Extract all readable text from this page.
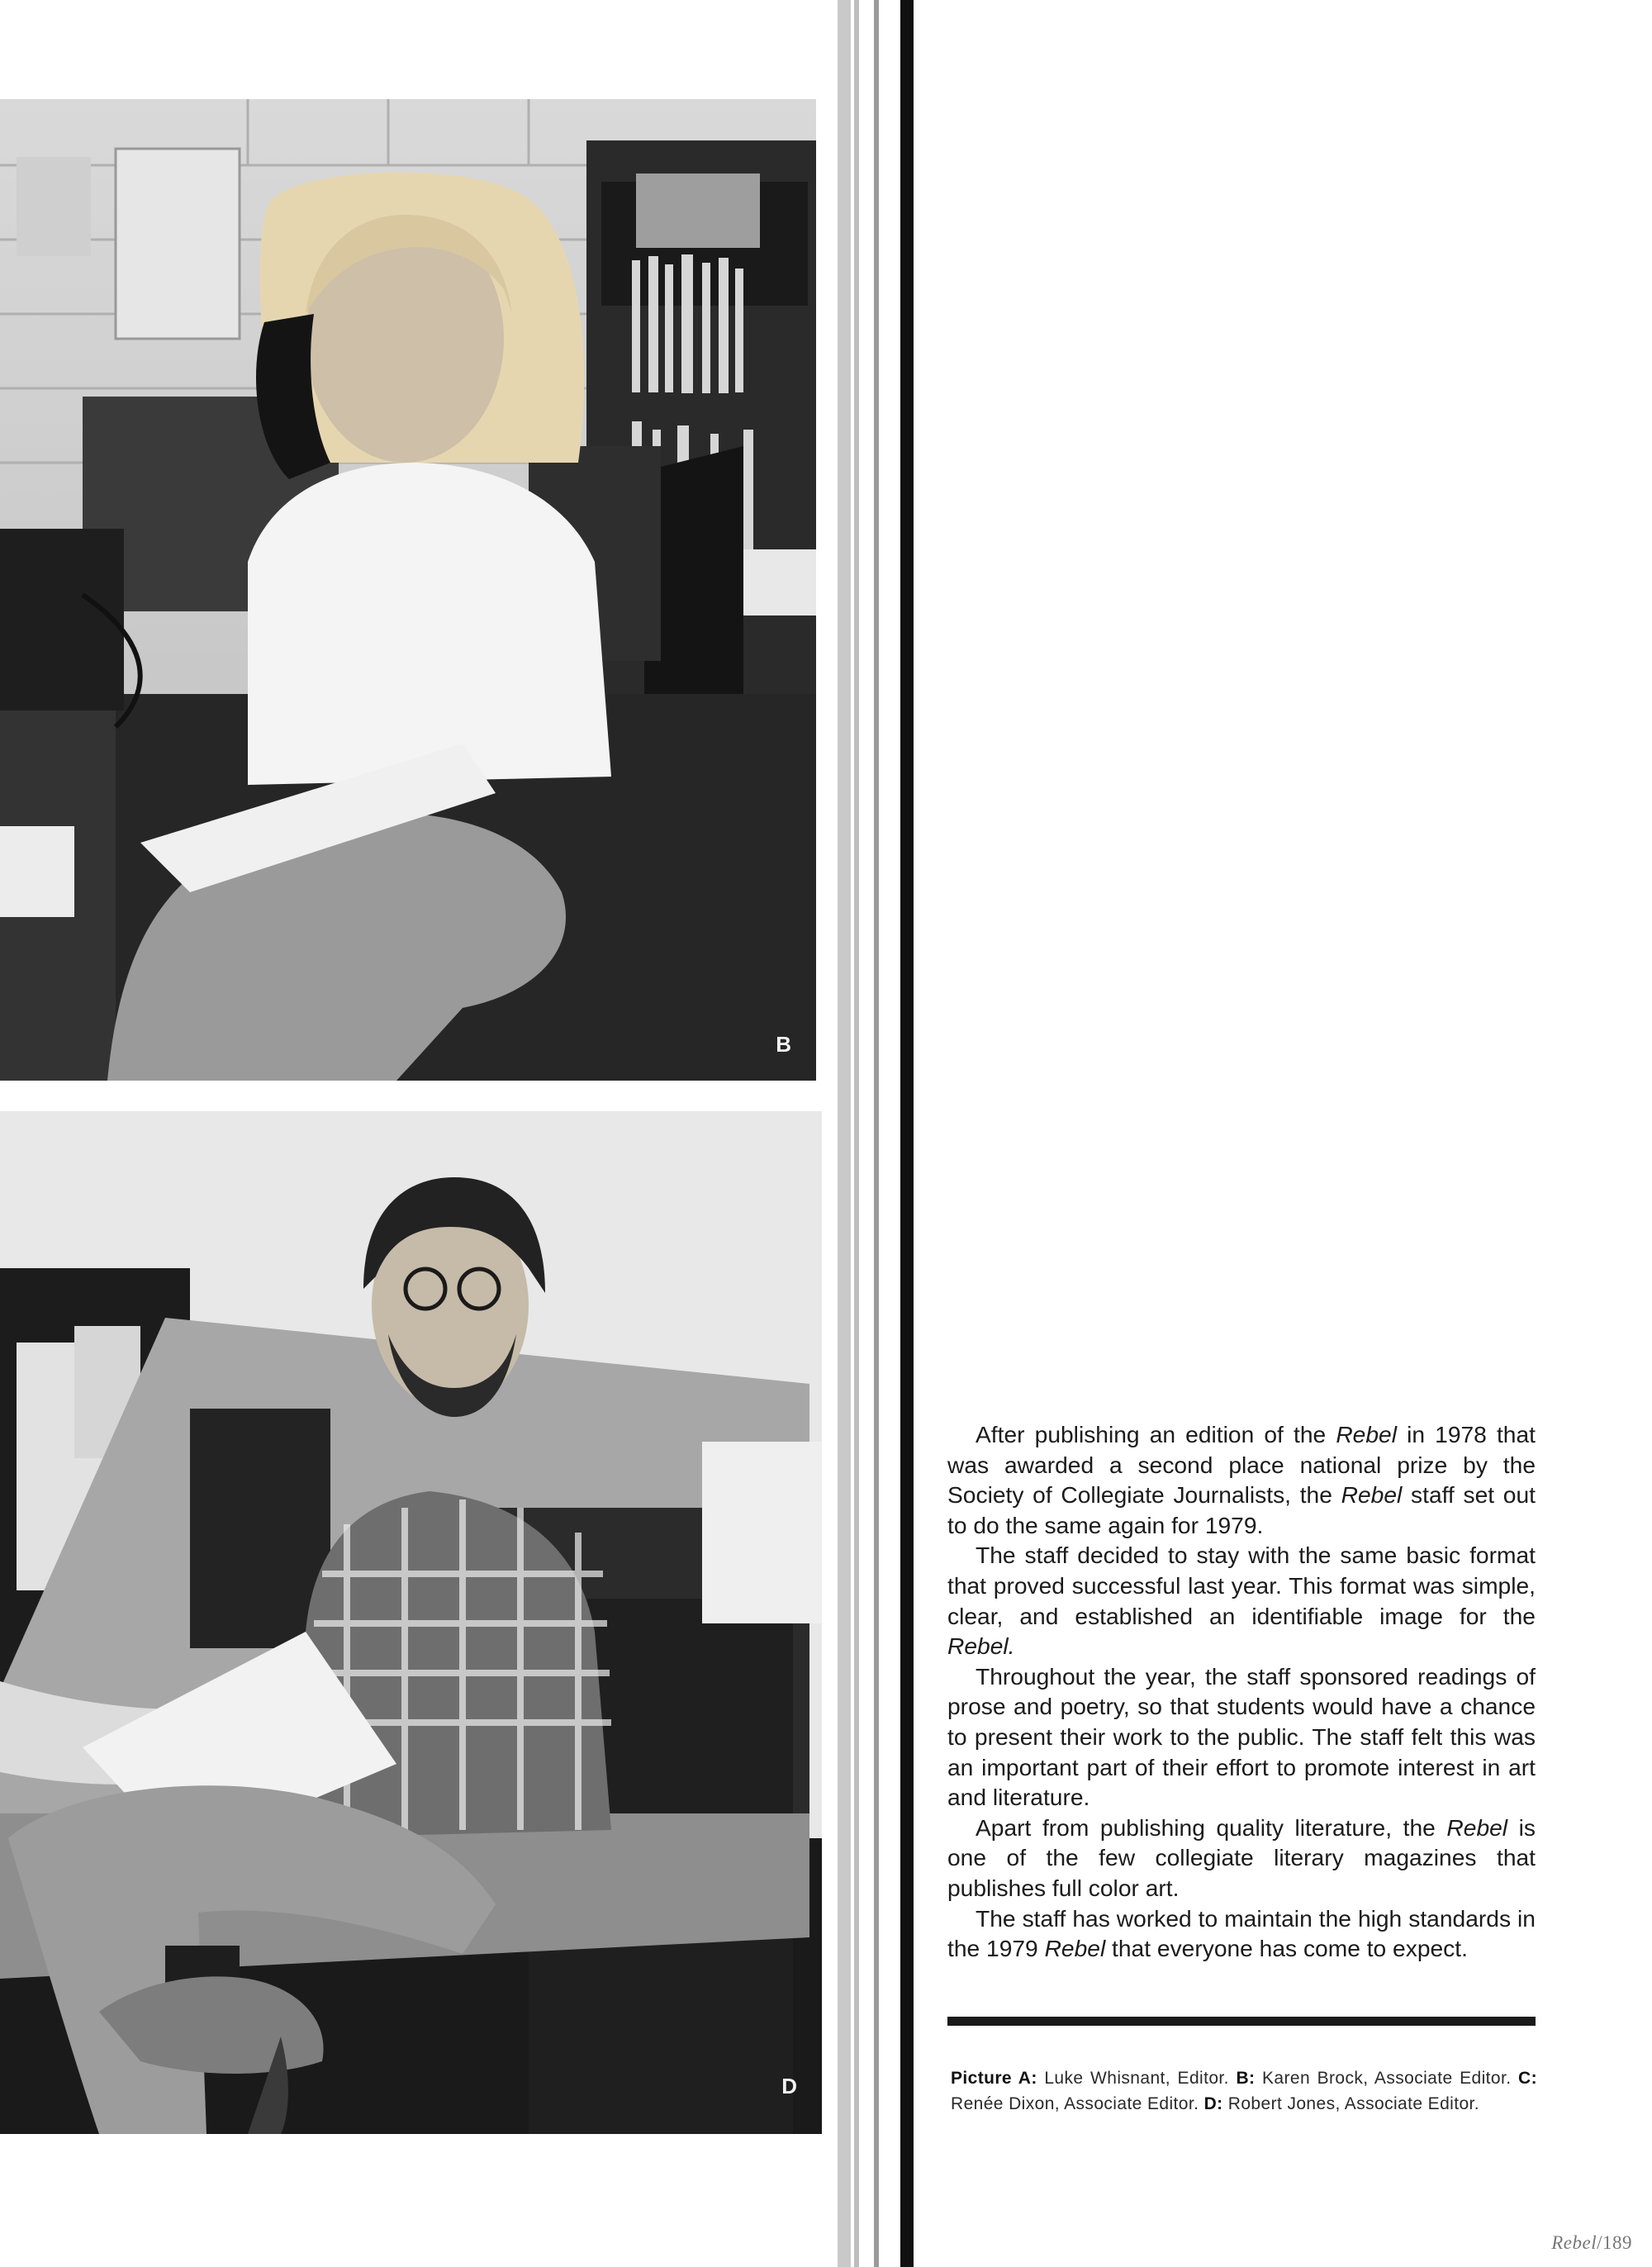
B
D

After publishing an edition of the Rebel in 1978 that was awarded a second place national prize by the Society of Collegiate Journalists, the Rebel staff set out to do the same again for 1979.

The staff decided to stay with the same basic format that proved successful last year. This format was simple, clear, and established an identifiable image for the Rebel.

Throughout the year, the staff sponsored readings of prose and poetry, so that students would have a chance to present their work to the public. The staff felt this was an important part of their effort to promote interest in art and literature.

Apart from publishing quality literature, the Rebel is one of the few collegiate literary magazines that publishes full color art.

The staff has worked to maintain the high standards in the 1979 Rebel that everyone has come to expect.

Picture A: Luke Whisnant, Editor. B: Karen Brock, Associate Editor. C: Renée Dixon, Associate Editor. D: Robert Jones, Associate Editor.
Rebel/189
